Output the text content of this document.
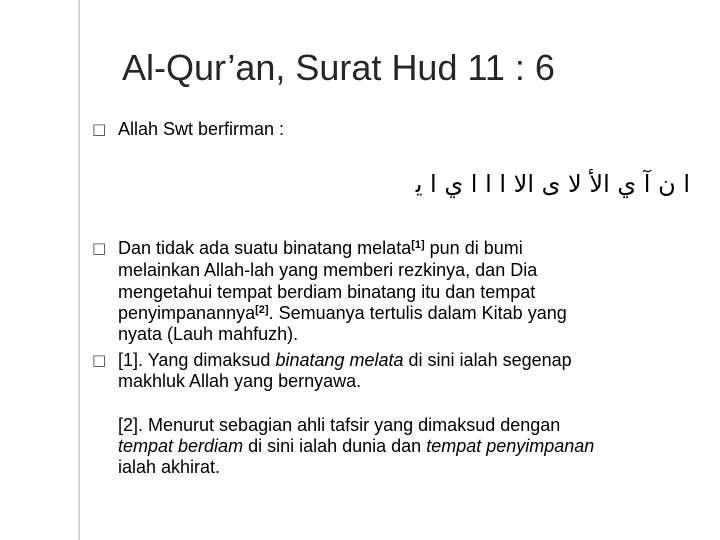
Al-Qur’an, Surat Hud 11 : 6
□ Allah Swt berfirman :
ا ن آ ي الأ لا ى الا ا ا ا ي ا ﻳ
□ Dan tidak ada suatu binatang melata[1] pun di bumi
melainkan Allah-lah yang memberi rezkinya, dan Dia
mengetahui tempat berdiam binatang itu dan tempat
penyimpanannya[2]. Semuanya tertulis dalam Kitab yang
nyata (Lauh mahfuzh).
□ [1]. Yang dimaksud binatang melata di sini ialah segenap
makhluk Allah yang bernyawa.
[2]. Menurut sebagian ahli tafsir yang dimaksud dengan
tempat berdiam di sini ialah dunia dan tempat penyimpanan
ialah akhirat.
